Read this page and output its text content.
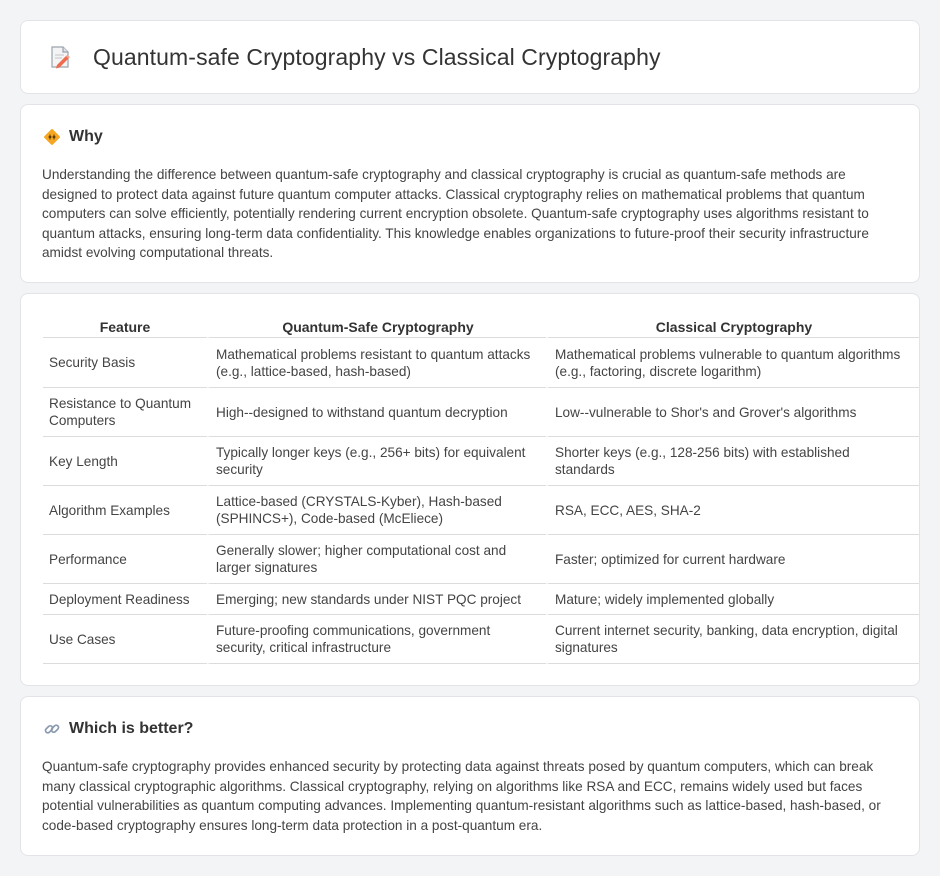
Quantum-safe Cryptography vs Classical Cryptography
Why

Understanding the difference between quantum-safe cryptography and classical cryptography is crucial as quantum-safe methods are designed to protect data against future quantum computer attacks. Classical cryptography relies on mathematical problems that quantum computers can solve efficiently, potentially rendering current encryption obsolete. Quantum-safe cryptography uses algorithms resistant to quantum attacks, ensuring long-term data confidentiality. This knowledge enables organizations to future-proof their security infrastructure amidst evolving computational threats.

Feature	Quantum-Safe Cryptography	Classical Cryptography
Security Basis	Mathematical problems resistant to quantum attacks (e.g., lattice-based, hash-based)	Mathematical problems vulnerable to quantum algorithms (e.g., factoring, discrete logarithm)
Resistance to Quantum Computers	High--designed to withstand quantum decryption	Low--vulnerable to Shor's and Grover's algorithms
Key Length	Typically longer keys (e.g., 256+ bits) for equivalent security	Shorter keys (e.g., 128-256 bits) with established standards
Algorithm Examples	Lattice-based (CRYSTALS-Kyber), Hash-based (SPHINCS+), Code-based (McEliece)	RSA, ECC, AES, SHA-2
Performance	Generally slower; higher computational cost and larger signatures	Faster; optimized for current hardware
Deployment Readiness	Emerging; new standards under NIST PQC project	Mature; widely implemented globally
Use Cases	Future-proofing communications, government security, critical infrastructure	Current internet security, banking, data encryption, digital signatures
Which is better?

Quantum-safe cryptography provides enhanced security by protecting data against threats posed by quantum computers, which can break many classical cryptographic algorithms. Classical cryptography, relying on algorithms like RSA and ECC, remains widely used but faces potential vulnerabilities as quantum computing advances. Implementing quantum-resistant algorithms such as lattice-based, hash-based, or code-based cryptography ensures long-term data protection in a post-quantum era.
